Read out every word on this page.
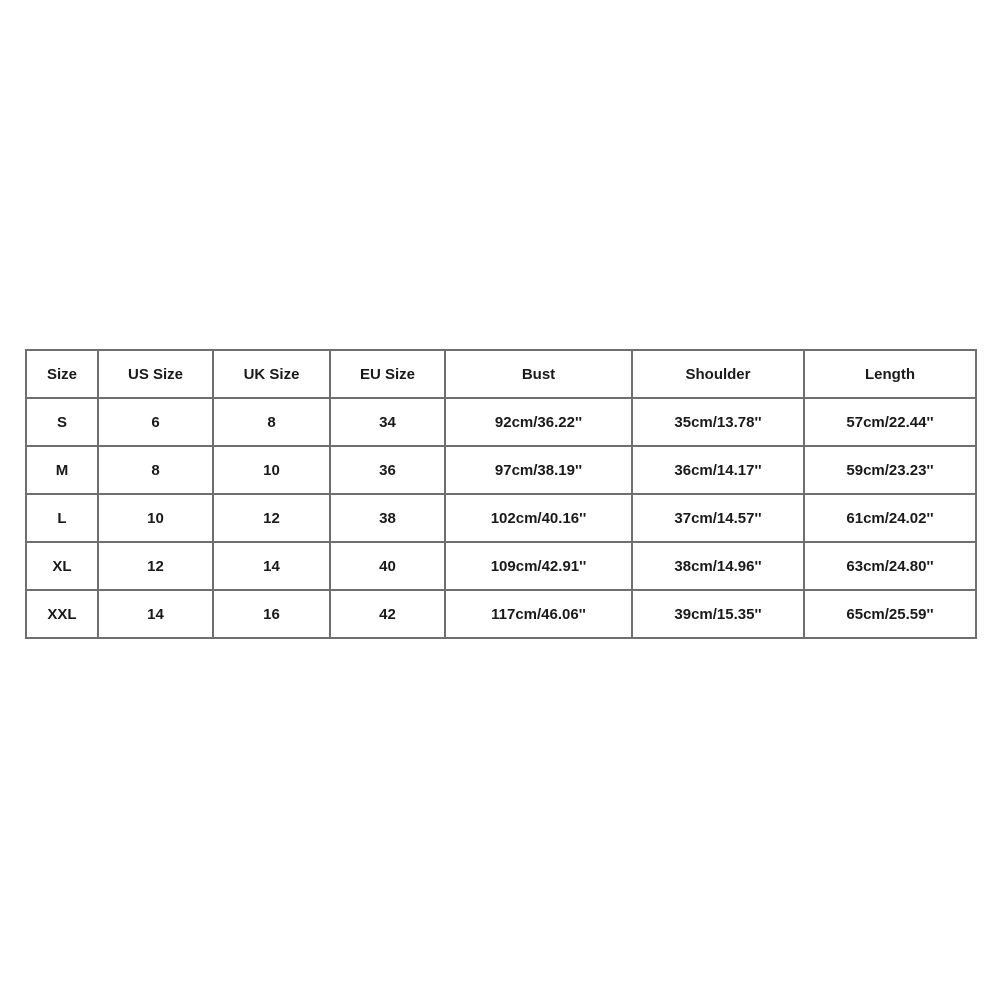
Size	US Size	UK Size	EU Size	Bust	Shoulder	Length
S	6	8	34	92cm/36.22''	35cm/13.78''	57cm/22.44''
M	8	10	36	97cm/38.19''	36cm/14.17''	59cm/23.23''
L	10	12	38	102cm/40.16''	37cm/14.57''	61cm/24.02''
XL	12	14	40	109cm/42.91''	38cm/14.96''	63cm/24.80''
XXL	14	16	42	117cm/46.06''	39cm/15.35''	65cm/25.59''
